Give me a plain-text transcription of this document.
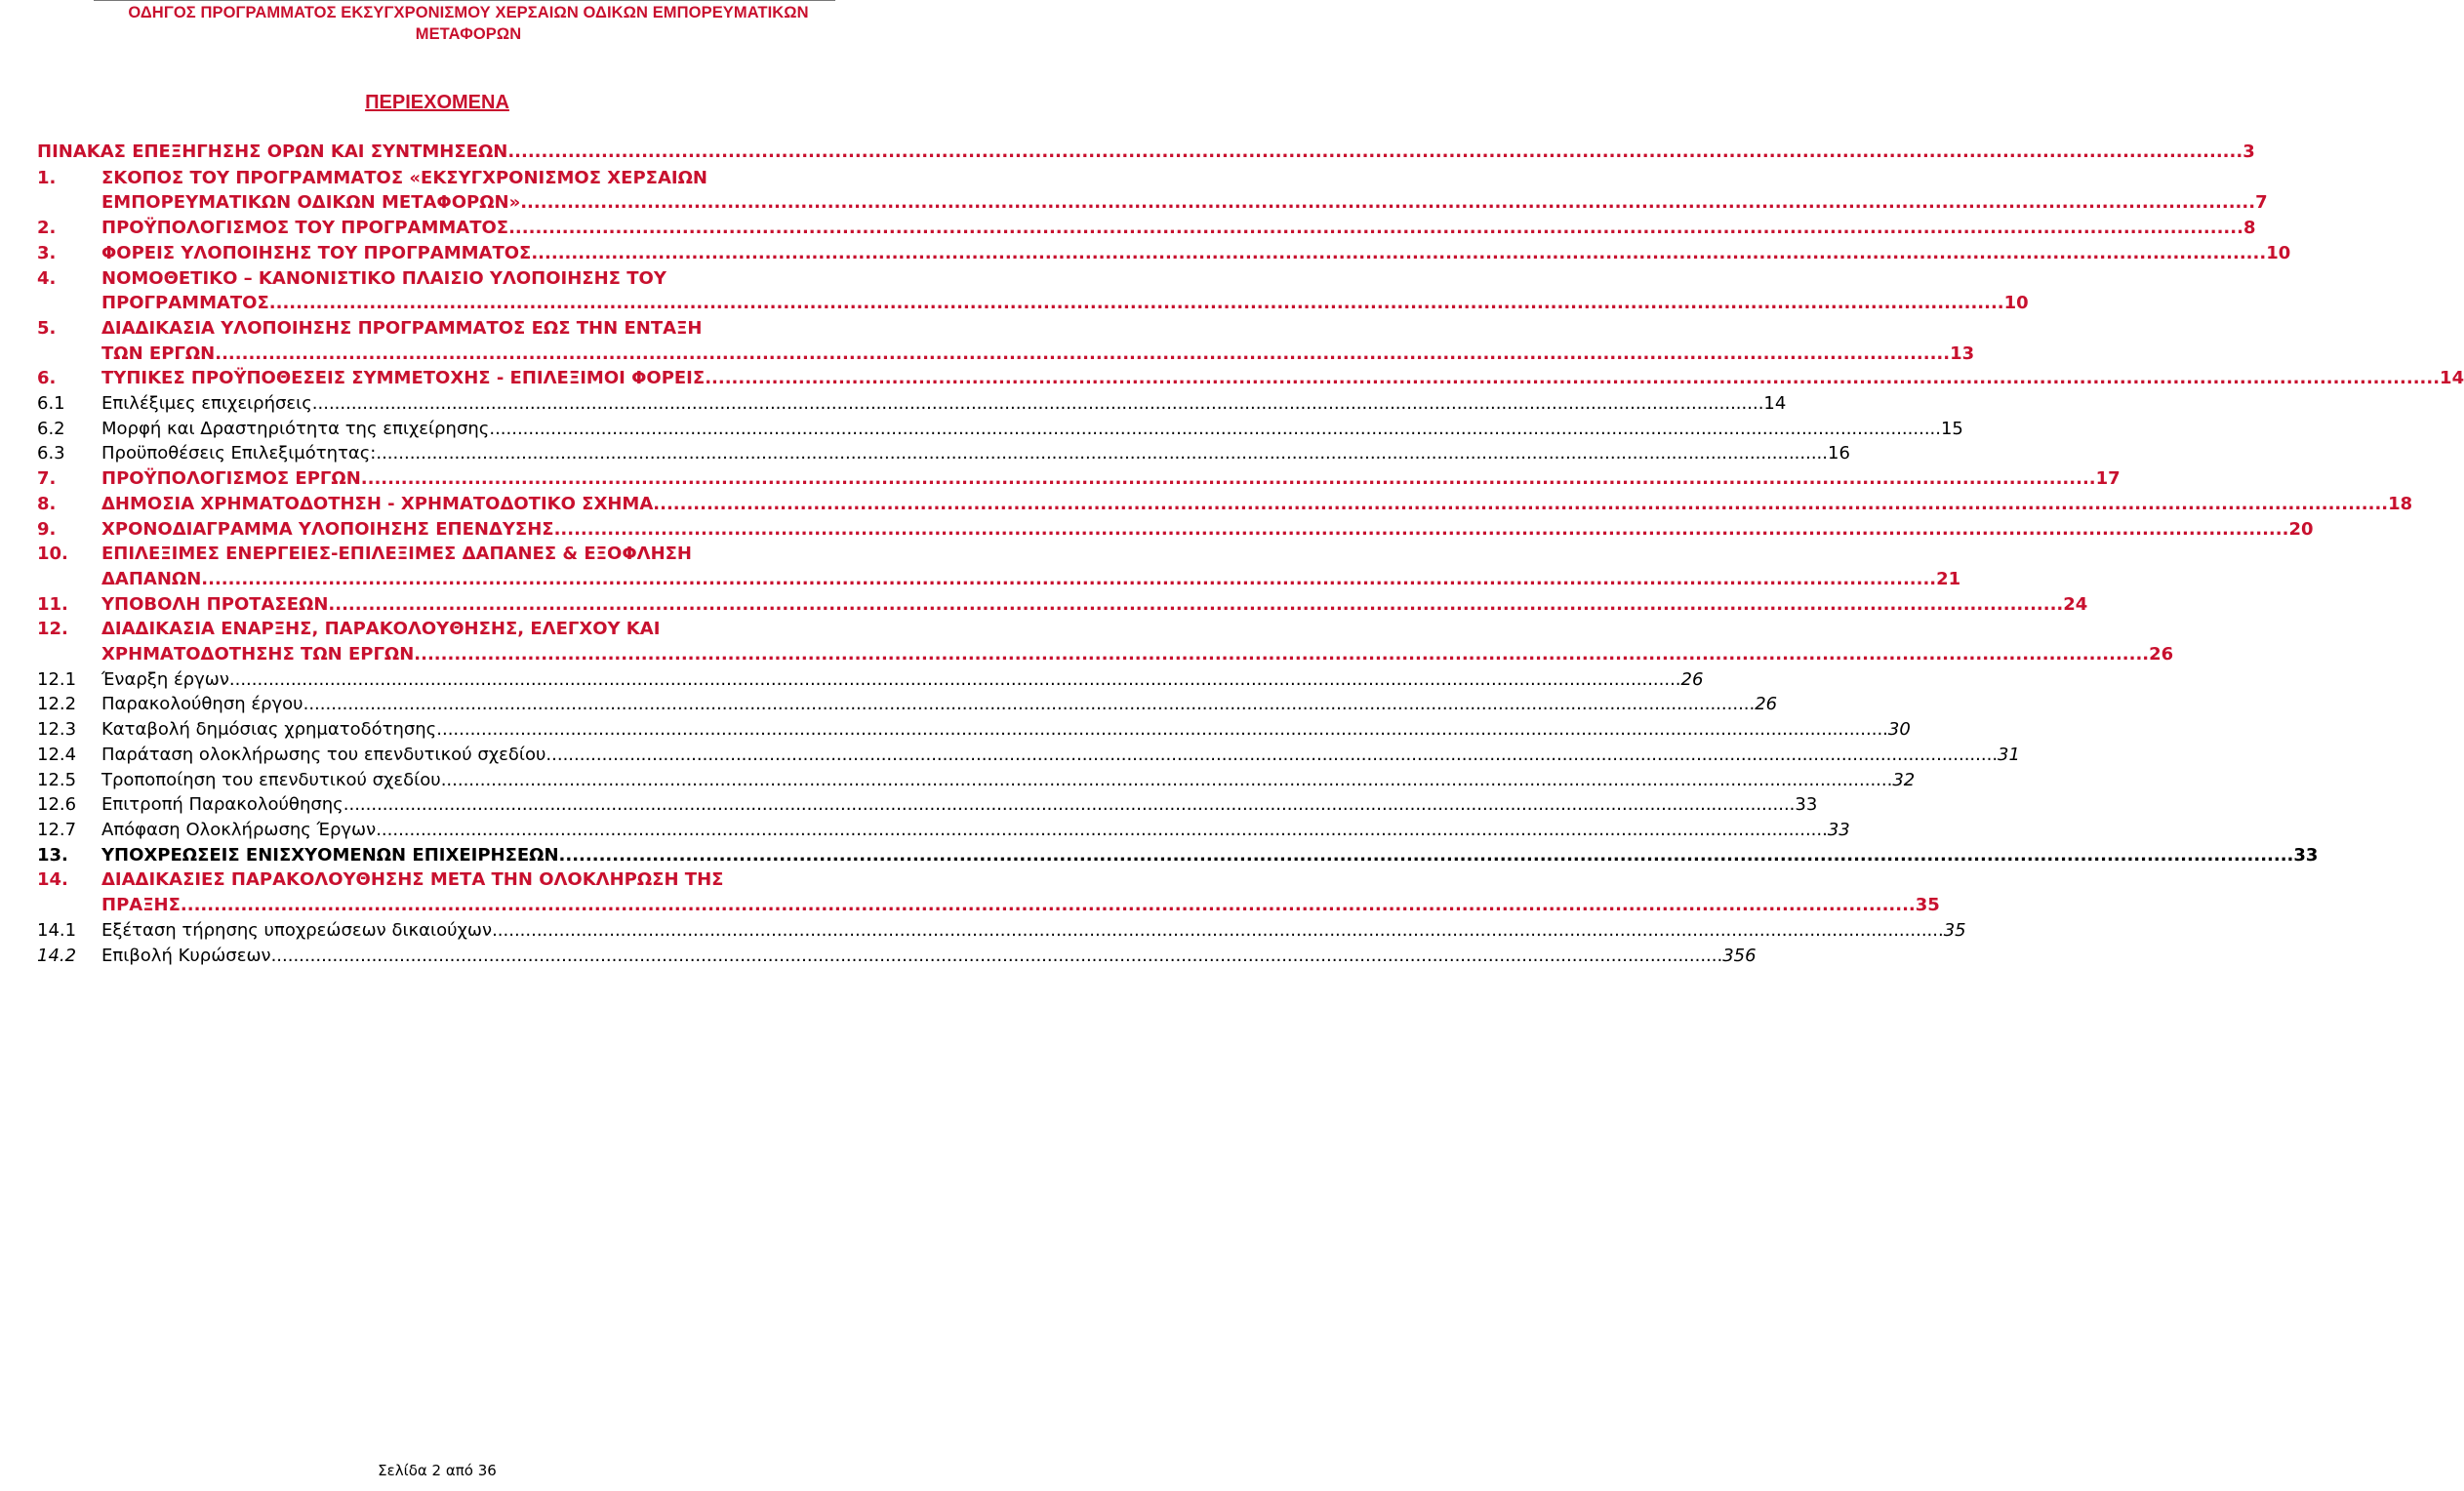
ΟΔΗΓΟΣ ΠΡΟΓΡΑΜΜΑΤΟΣ ΕΚΣΥΓΧΡΟΝΙΣΜΟΥ ΧΕΡΣΑΙΩΝ ΟΔΙΚΩΝ ΕΜΠΟΡΕΥΜΑΤΙΚΩΝ
ΜΕΤΑΦΟΡΩΝ
ΠΕΡΙΕΧΟΜΕΝΑ
ΠΙΝΑΚΑΣ ΕΠΕΞΗΓΗΣΗΣ ΟΡΩΝ ΚΑΙ ΣΥΝΤΜΗΣΕΩΝ .................................................................................................................................................................................................................................................................... 3
1.	ΣΚΟΠΟΣ ΤΟΥ ΠΡΟΓΡΑΜΜΑΤΟΣ «ΕΚΣΥΓΧΡΟΝΙΣΜΟΣ ΧΕΡΣΑΙΩΝ
ΕΜΠΟΡΕΥΜΑΤΙΚΩΝ ΟΔΙΚΩΝ ΜΕΤΑΦΟΡΩΝ» .................................................................................................................................................................................................................................................................... 7
2.	ΠΡΟΫΠΟΛΟΓΙΣΜΟΣ ΤΟΥ ΠΡΟΓΡΑΜΜΑΤΟΣ .................................................................................................................................................................................................................................................................... 8
3.	ΦΟΡΕΙΣ ΥΛΟΠΟΙΗΣΗΣ ΤΟΥ ΠΡΟΓΡΑΜΜΑΤΟΣ .................................................................................................................................................................................................................................................................... 10
4.	ΝΟΜΟΘΕΤΙΚΟ – ΚΑΝΟΝΙΣΤΙΚΟ ΠΛΑΙΣΙΟ ΥΛΟΠΟΙΗΣΗΣ ΤΟΥ
ΠΡΟΓΡΑΜΜΑΤΟΣ .................................................................................................................................................................................................................................................................... 10
5.	ΔΙΑΔΙΚΑΣΙΑ ΥΛΟΠΟΙΗΣΗΣ ΠΡΟΓΡΑΜΜΑΤΟΣ ΕΩΣ ΤΗΝ ΕΝΤΑΞΗ
ΤΩΝ ΕΡΓΩΝ .................................................................................................................................................................................................................................................................... 13
6.	ΤΥΠΙΚΕΣ ΠΡΟΫΠΟΘΕΣΕΙΣ ΣΥΜΜΕΤΟΧΗΣ - ΕΠΙΛΕΞΙΜΟΙ ΦΟΡΕΙΣ .................................................................................................................................................................................................................................................................... 14
6.1 Επιλέξιμες επιχειρήσεις .................................................................................................................................................................................................................................................................... 14
6.2 Μορφή και Δραστηριότητα της επιχείρησης .................................................................................................................................................................................................................................................................... 15
6.3 Προϋποθέσεις Επιλεξιμότητας: .................................................................................................................................................................................................................................................................... 16
7.	ΠΡΟΫΠΟΛΟΓΙΣΜΟΣ ΕΡΓΩΝ .................................................................................................................................................................................................................................................................... 17
8.	ΔΗΜΟΣΙΑ ΧΡΗΜΑΤΟΔΟΤΗΣΗ - ΧΡΗΜΑΤΟΔΟΤΙΚΟ ΣΧΗΜΑ .................................................................................................................................................................................................................................................................... 18
9.	ΧΡΟΝΟΔΙΑΓΡΑΜΜΑ ΥΛΟΠΟΙΗΣΗΣ ΕΠΕΝΔΥΣΗΣ .................................................................................................................................................................................................................................................................... 20
10. ΕΠΙΛΕΞΙΜΕΣ ΕΝΕΡΓΕΙΕΣ-ΕΠΙΛΕΞΙΜΕΣ ΔΑΠΑΝΕΣ & ΕΞΟΦΛΗΣΗ
ΔΑΠΑΝΩΝ .................................................................................................................................................................................................................................................................... 21
11. ΥΠΟΒΟΛΗ ΠΡΟΤΑΣΕΩΝ .................................................................................................................................................................................................................................................................... 24
12. ΔΙΑΔΙΚΑΣΙΑ ΕΝΑΡΞΗΣ, ΠΑΡΑΚΟΛΟΥΘΗΣΗΣ, ΕΛΕΓΧΟΥ ΚΑΙ
ΧΡΗΜΑΤΟΔΟΤΗΣΗΣ ΤΩΝ ΕΡΓΩΝ .................................................................................................................................................................................................................................................................... 26
12.1 Έναρξη έργων .................................................................................................................................................................................................................................................................... 26
12.2 Παρακολούθηση έργου .................................................................................................................................................................................................................................................................... 26
12.3 Καταβολή δημόσιας χρηματοδότησης .................................................................................................................................................................................................................................................................... 30
12.4 Παράταση ολοκλήρωσης του επενδυτικού σχεδίου .................................................................................................................................................................................................................................................................... 31
12.5 Τροποποίηση του επενδυτικού σχεδίου .................................................................................................................................................................................................................................................................... 32
12.6 Επιτροπή Παρακολούθησης .................................................................................................................................................................................................................................................................... 33
12.7 Απόφαση Ολοκλήρωσης Έργων .................................................................................................................................................................................................................................................................... 33
13. ΥΠΟΧΡΕΩΣΕΙΣ ΕΝΙΣΧΥΟΜΕΝΩΝ ΕΠΙΧΕΙΡΗΣΕΩΝ .................................................................................................................................................................................................................................................................... 33
14. ΔΙΑΔΙΚΑΣΙΕΣ ΠΑΡΑΚΟΛΟΥΘΗΣΗΣ ΜΕΤΑ ΤΗΝ ΟΛΟΚΛΗΡΩΣΗ ΤΗΣ
ΠΡΑΞΗΣ .................................................................................................................................................................................................................................................................... 35
14.1 Εξέταση τήρησης υποχρεώσεων δικαιούχων .................................................................................................................................................................................................................................................................... 35
14.2 Επιβολή Κυρώσεων .................................................................................................................................................................................................................................................................... 356
Σελίδα 2 από 36
